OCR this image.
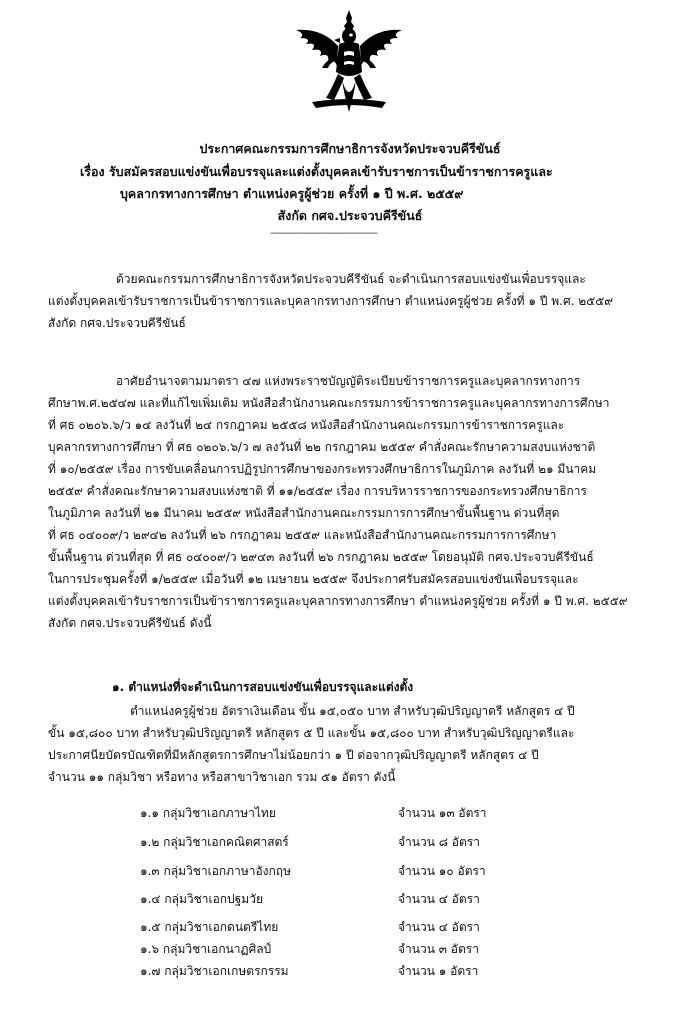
ประกาศคณะกรรมการศึกษาธิการจังหวัดประจวบคีรีขันธ์
เรื่อง รับสมัครสอบแข่งขันเพื่อบรรจุและแต่งตั้งบุคคลเข้ารับราชการเป็นข้าราชการครูและ
บุคลากรทางการศึกษา ตำแหน่งครูผู้ช่วย ครั้งที่ ๑ ปี พ.ศ. ๒๕๕๙
สังกัด กศจ.ประจวบคีรีขันธ์
-----------------------------------------
ด้วยคณะกรรมการศึกษาธิการจังหวัดประจวบคีรีขันธ์ จะดำเนินการสอบแข่งขันเพื่อบรรจุและ
แต่งตั้งบุคคลเข้ารับราชการเป็นข้าราชการและบุคลากรทางการศึกษา ตำแหน่งครูผู้ช่วย ครั้งที่ ๑ ปี พ.ศ. ๒๕๕๙
สังกัด กศจ.ประจวบคีรีขันธ์
อาศัยอำนาจตามมาตรา ๔๗ แห่งพระราชบัญญัติระเบียบข้าราชการครูและบุคลากรทางการ
ศึกษาพ.ศ.๒๕๔๗ และที่แก้ไขเพิ่มเติม หนังสือสำนักงานคณะกรรมการข้าราชการครูและบุคลากรทางการศึกษา
ที่ ศธ ๐๒๐๖.๖/ว ๑๔ ลงวันที่ ๒๔ กรกฎาคม ๒๕๕๘ หนังสือสำนักงานคณะกรรมการข้าราชการครูและ
บุคลากรทางการศึกษา ที่ ศธ ๐๒๐๖.๖/ว ๗ ลงวันที่ ๒๒ กรกฎาคม ๒๕๕๙ คำสั่งคณะรักษาความสงบแห่งชาติ
ที่ ๑๐/๒๕๕๙ เรื่อง การขับเคลื่อนการปฏิรูปการศึกษาของกระทรวงศึกษาธิการในภูมิภาค ลงวันที่ ๒๑ มีนาคม
๒๕๕๙ คำสั่งคณะรักษาความสงบแห่งชาติ ที่ ๑๑/๒๕๕๙ เรื่อง การบริหารราชการของกระทรวงศึกษาธิการ
ในภูมิภาค ลงวันที่ ๒๑ มีนาคม ๒๕๕๙ หนังสือสำนักงานคณะกรรมการการศึกษาขั้นพื้นฐาน ด่วนที่สุด
ที่ ศธ ๐๔๐๐๙/ว ๒๙๔๒ ลงวันที่ ๒๖ กรกฎาคม ๒๕๕๙ และหนังสือสำนักงานคณะกรรมการการศึกษา
ขั้นพื้นฐาน ด่วนที่สุด ที่ ศธ ๐๔๐๐๙/ว ๒๙๔๓ ลงวันที่ ๒๖ กรกฎาคม ๒๕๕๙ โดยอนุมัติ กศจ.ประจวบคีรีขันธ์
ในการประชุมครั้งที่ ๑/๒๕๕๙ เมื่อวันที่ ๑๒ เมษายน ๒๕๕๙ จึงประกาศรับสมัครสอบแข่งขันเพื่อบรรจุและ
แต่งตั้งบุคคลเข้ารับราชการเป็นข้าราชการครูและบุคลากรทางการศึกษา ตำแหน่งครูผู้ช่วย ครั้งที่ ๑ ปี พ.ศ. ๒๕๕๙
สังกัด กศจ.ประจวบคีรีขันธ์ ดังนี้
๑. ตำแหน่งที่จะดำเนินการสอบแข่งขันเพื่อบรรจุและแต่งตั้ง
ตำแหน่งครูผู้ช่วย อัตราเงินเดือน ขั้น ๑๕,๐๕๐ บาท สำหรับวุฒิปริญญาตรี หลักสูตร ๔ ปี
ขั้น ๑๕,๘๐๐ บาท สำหรับวุฒิปริญญาตรี หลักสูตร ๕ ปี และขั้น ๑๕,๘๐๐ บาท สำหรับวุฒิปริญญาตรีและ
ประกาศนียบัตรบัณฑิตที่มีหลักสูตรการศึกษาไม่น้อยกว่า ๑ ปี ต่อจากวุฒิปริญญาตรี หลักสูตร ๔ ปี
จำนวน ๑๑ กลุ่มวิชา หรือทาง หรือสาขาวิชาเอก รวม ๕๑ อัตรา ดังนี้
๑.๑ กลุ่มวิชาเอกภาษาไทย	จำนวน ๑๓ อัตรา
๑.๒ กลุ่มวิชาเอกคณิตศาสตร์	จำนวน ๘ อัตรา
๑.๓ กลุ่มวิชาเอกภาษาอังกฤษ	จำนวน ๑๐ อัตรา
๑.๔ กลุ่มวิชาเอกปฐมวัย	จำนวน ๔ อัตรา
๑.๕ กลุ่มวิชาเอกดนตรีไทย	จำนวน ๔ อัตรา
๑.๖ กลุ่มวิชาเอกนาฏศิลป์	จำนวน ๓ อัตรา
๑.๗ กลุ่มวิชาเอกเกษตรกรรม	จำนวน ๑ อัตรา
